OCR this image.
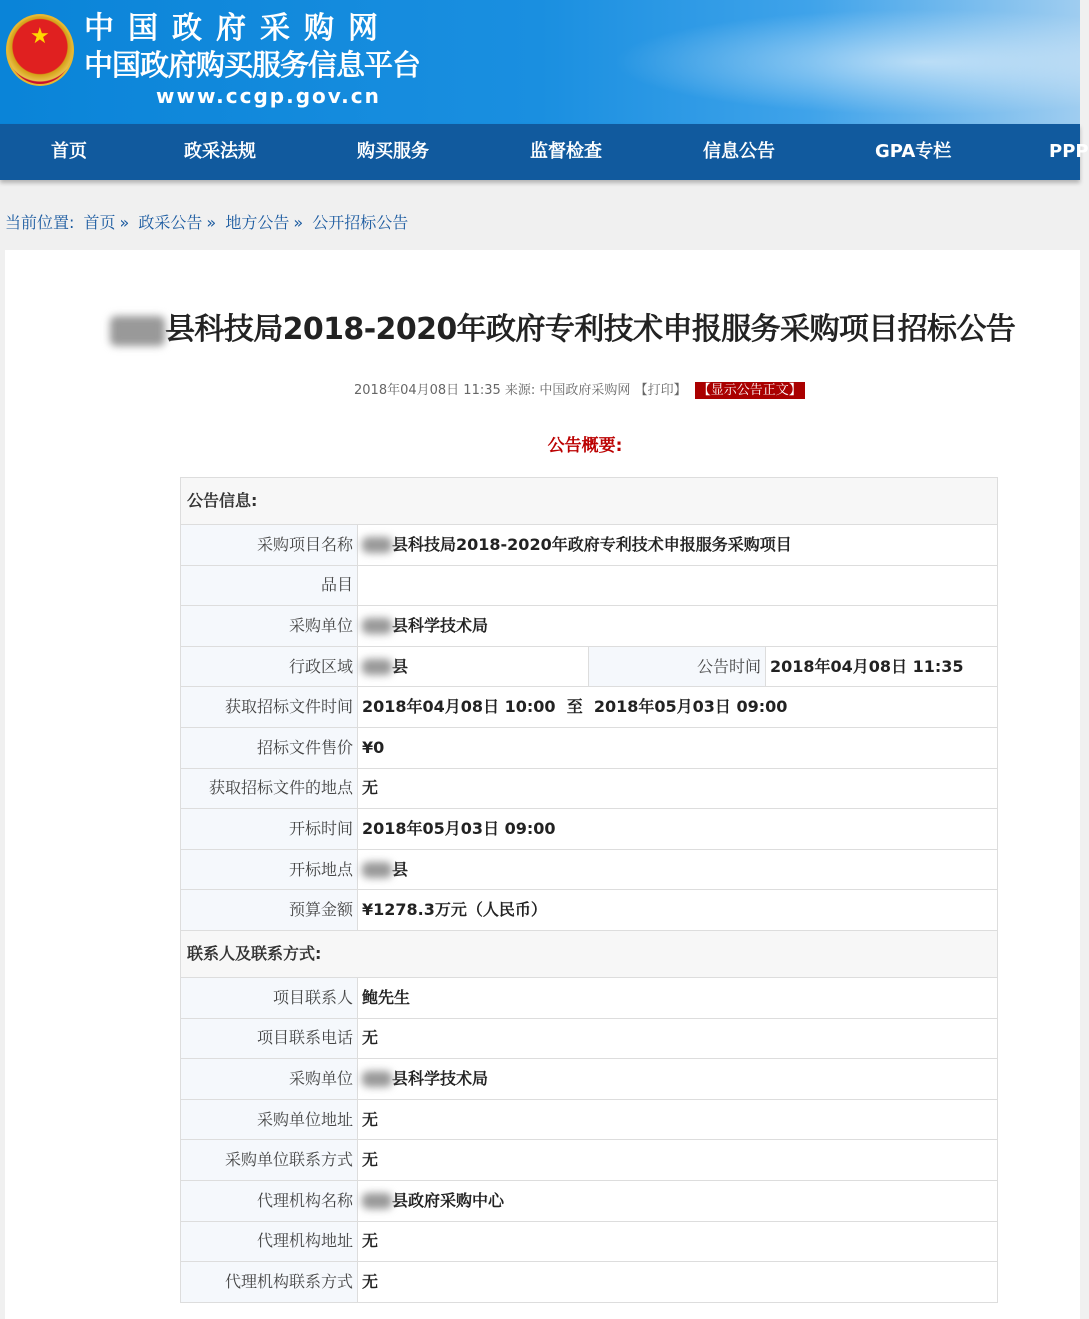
★ 中国政府采购网
中国政府购买服务信息平台
www.ccgp.gov.cn
首页	政采法规	购买服务	监督检查	信息公告	GPA专栏	PPP
当前位置: 首页 » 政采公告 » 地方公告 » 公开招标公告
县科技局2018-2020年政府专利技术申报服务采购项目招标公告
2018年04月08日 11:35 来源: 中国政府采购网 【打印】 【显示公告正文】
公告概要:
公告信息:			
采购项目名称	县科技局2018-2020年政府专利技术申报服务采购项目		
品目			
采购单位	县科学技术局		
行政区域	县	公告时间	2018年04月08日 11:35
获取招标文件时间	2018年04月08日 10:00  至  2018年05月03日 09:00		
招标文件售价	¥0		
获取招标文件的地点	无		
开标时间	2018年05月03日 09:00		
开标地点	县		
预算金额	¥1278.3万元（人民币）		
联系人及联系方式:			
项目联系人	鲍先生		
项目联系电话	无		
采购单位	县科学技术局		
采购单位地址	无		
采购单位联系方式	无		
代理机构名称	县政府采购中心		
代理机构地址	无		
代理机构联系方式	无		
